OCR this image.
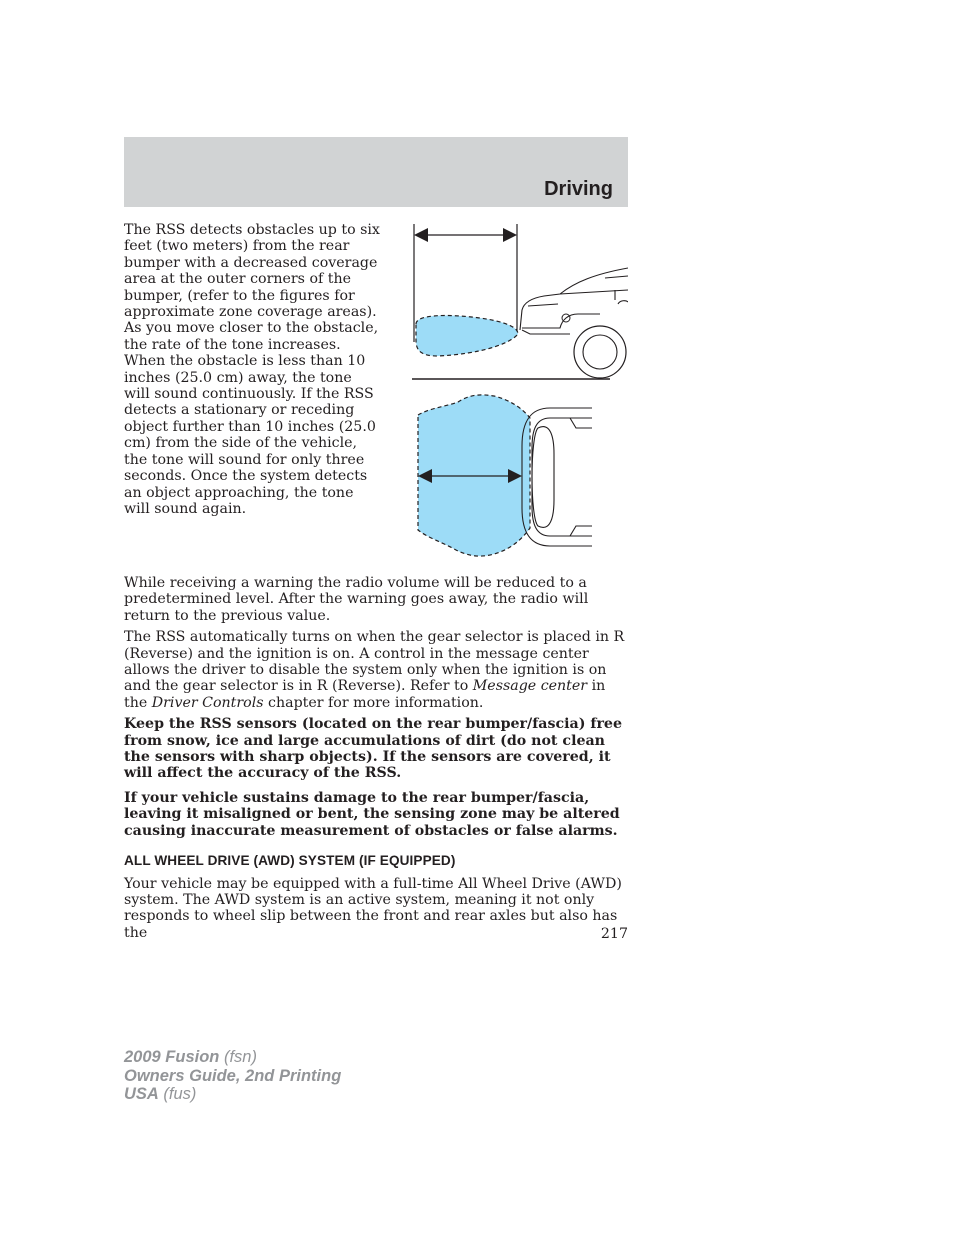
Driving
The RSS detects obstacles up to six feet (two meters) from the rear bumper with a decreased coverage area at the outer corners of the bumper, (refer to the figures for approximate zone coverage areas). As you move closer to the obstacle, the rate of the tone increases. When the obstacle is less than 10 inches (25.0 cm) away, the tone will sound continuously. If the RSS detects a stationary or receding object further than 10 inches (25.0 cm) from the side of the vehicle, the tone will sound for only three seconds. Once the system detects an object approaching, the tone will sound again.

While receiving a warning the radio volume will be reduced to a predetermined level. After the warning goes away, the radio will return to the previous value.

The RSS automatically turns on when the gear selector is placed in R (Reverse) and the ignition is on. A control in the message center allows the driver to disable the system only when the ignition is on and the gear selector is in R (Reverse). Refer to Message center in the Driver Controls chapter for more information.

Keep the RSS sensors (located on the rear bumper/fascia) free from snow, ice and large accumulations of dirt (do not clean the sensors with sharp objects). If the sensors are covered, it will affect the accuracy of the RSS.

If your vehicle sustains damage to the rear bumper/fascia, leaving it misaligned or bent, the sensing zone may be altered causing inaccurate measurement of obstacles or false alarms.

ALL WHEEL DRIVE (AWD) SYSTEM (IF EQUIPPED)

Your vehicle may be equipped with a full-time All Wheel Drive (AWD) system. The AWD system is an active system, meaning it not only responds to wheel slip between the front and rear axles but also has the	217
2009 Fusion (fsn)
Owners Guide, 2nd Printing
USA (fus)
